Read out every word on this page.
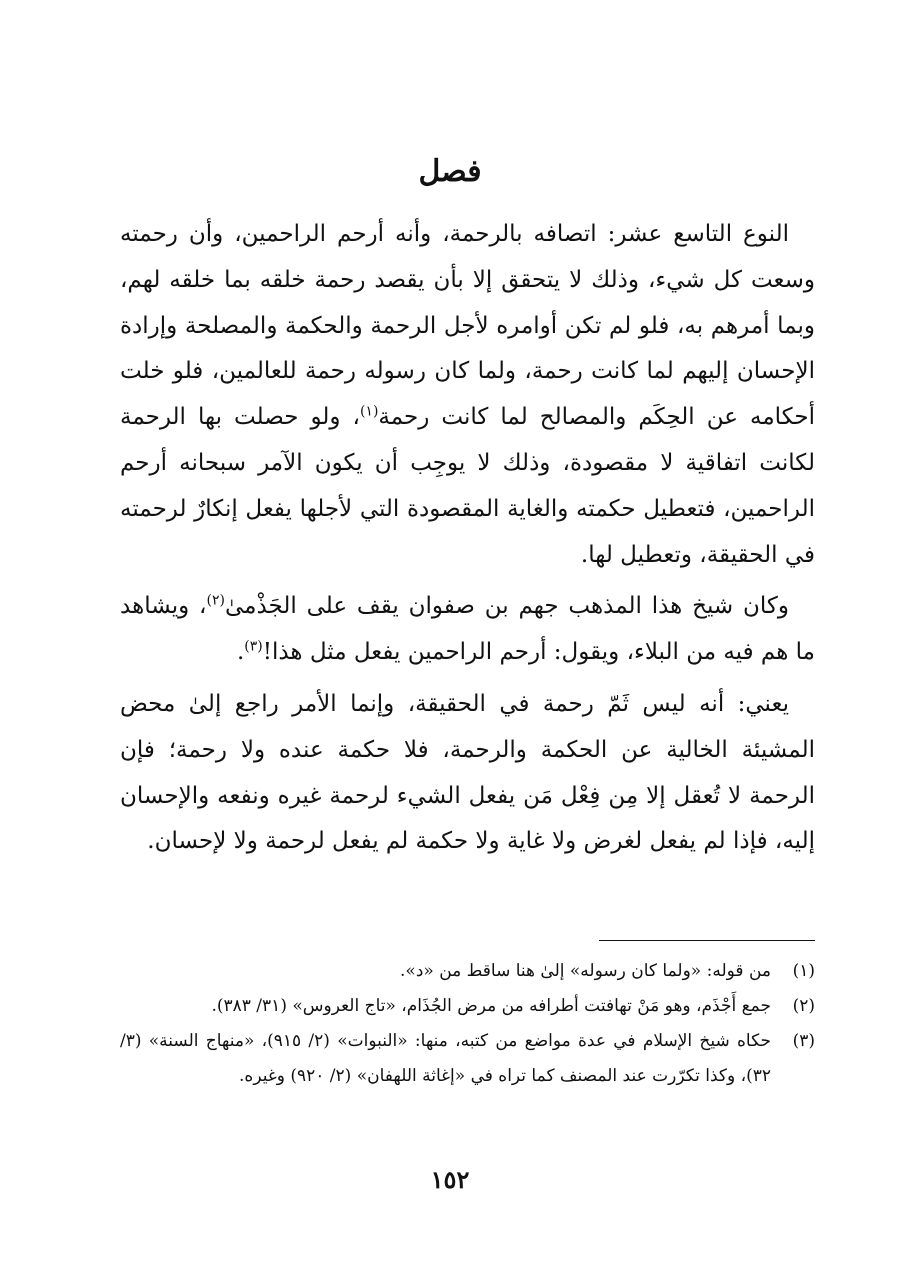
فصل

النوع التاسع عشر: اتصافه بالرحمة، وأنه أرحم الراحمين، وأن رحمته وسعت كل شيء، وذلك لا يتحقق إلا بأن يقصد رحمة خلقه بما خلقه لهم، وبما أمرهم به، فلو لم تكن أوامره لأجل الرحمة والحكمة والمصلحة وإرادة الإحسان إليهم لما كانت رحمة، ولما كان رسوله رحمة للعالمين، فلو خلت أحكامه عن الحِكَم والمصالح لما كانت رحمة$^{(١)}$، ولو حصلت بها الرحمة لكانت اتفاقية لا مقصودة، وذلك لا يوجِب أن يكون الآمر سبحانه أرحم الراحمين، فتعطيل حكمته والغاية المقصودة التي لأجلها يفعل إنكارٌ لرحمته في الحقيقة، وتعطيل لها.

وكان شيخ هذا المذهب جهم بن صفوان يقف على الجَذْمىٰ$^{(٢)}$، ويشاهد ما هم فيه من البلاء، ويقول: أرحم الراحمين يفعل مثل هذا!$^{(٣)}$.

يعني: أنه ليس ثَمّ رحمة في الحقيقة، وإنما الأمر راجع إلىٰ محض المشيئة الخالية عن الحكمة والرحمة، فلا حكمة عنده ولا رحمة؛ فإن الرحمة لا تُعقل إلا مِن فِعْل مَن يفعل الشيء لرحمة غيره ونفعه والإحسان إليه، فإذا لم يفعل لغرض ولا غاية ولا حكمة لم يفعل لرحمة ولا لإحسان.

(١)
من قوله: «ولما كان رسوله» إلىٰ هنا ساقط من «د».
(٢)
جمع أَجْذَم، وهو مَنْ تهافتت أطرافه من مرض الجُذَام، «تاج العروس» (٣١/ ٣٨٣).
(٣)
حكاه شيخ الإسلام في عدة مواضع من كتبه، منها: «النبوات» (٢/ ٩١٥)، «منهاج السنة» (٣/ ٣٢)، وكذا تكرّرت عند المصنف كما تراه في «إغاثة اللهفان» (٢/ ٩٢٠) وغيره.
١٥٢
